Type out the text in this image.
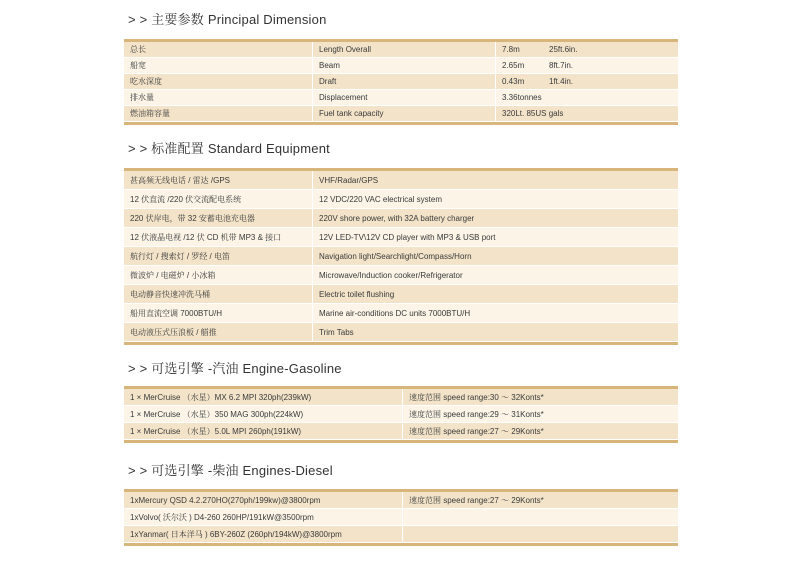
> > 主要参数 Principal Dimension
总长	Length Overall	7.8m	25ft.6in.
船宽	Beam	2.65m	8ft.7in.
吃水深度	Draft	0.43m	1ft.4in.
排水量	Displacement	3.36tonnes
燃油箱容量	Fuel tank capacity	320Lt. 85US gals
> > 标准配置 Standard Equipment
甚高频无线电话 / 雷达 /GPS	VHF/Radar/GPS
12 伏直流 /220 伏交流配电系统	12 VDC/220 VAC electrical system
220 伏岸电，带 32 安蓄电池充电器	220V shore power, with 32A battery charger
12 伏液晶电视 /12 伏 CD 机带 MP3 & 接口	12V LED-TV\12V CD player with MP3 & USB port
航行灯 / 搜索灯 / 罗经 / 电笛	Navigation light/Searchlight/Compass/Horn
微波炉 / 电磁炉 / 小冰箱	Microwave/Induction cooker/Refrigerator
电动静音快速冲洗马桶	Electric toilet flushing
船用直流空调 7000BTU/H	Marine air-conditions DC units 7000BTU/H
电动液压式压浪板 / 艏推	Trim Tabs
> > 可选引擎 -汽油 Engine-Gasoline
1 × MerCruise （水星）MX 6.2 MPI 320ph(239kW)	速度范围 speed range:30 ～ 32Konts*
1 × MerCruise （水星）350 MAG 300ph(224kW)	速度范围 speed range:29 ～ 31Konts*
1 × MerCruise （水星）5.0L MPI 260ph(191kW)	速度范围 speed range:27 ～ 29Konts*
> > 可选引擎 -柴油 Engines-Diesel
1xMercury QSD 4.2.270HO(270ph/199kw)@3800rpm	速度范围 speed range:27 ～ 29Konts*
1xVolvo( 沃尔沃 ) D4-260 260HP/191kW@3500rpm
1xYanmar( 日本洋马 ) 6BY-260Z (260ph/194kW)@3800rpm
